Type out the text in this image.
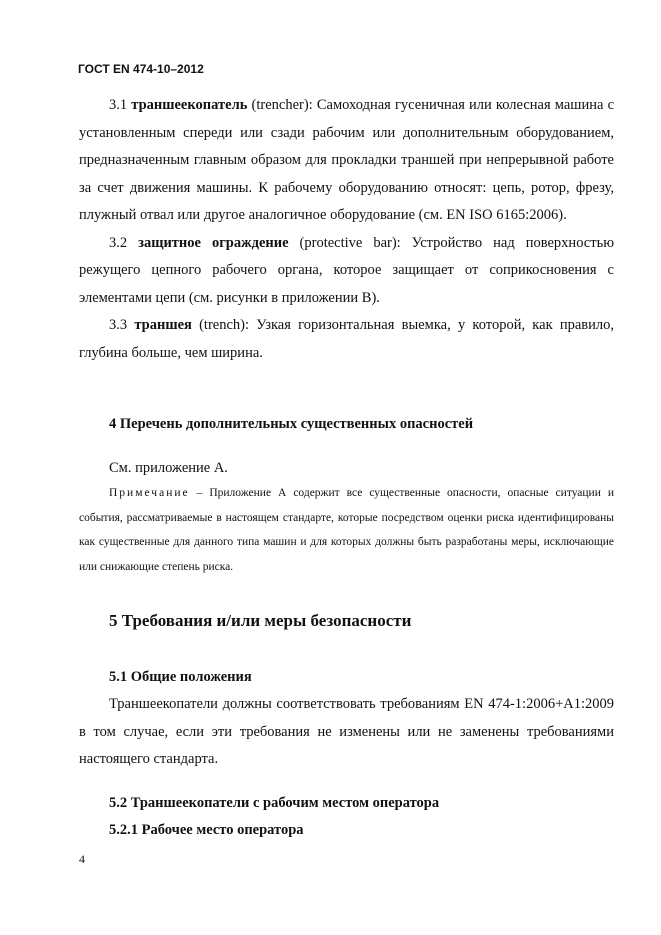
ГОСТ EN 474-10–2012

3.1 траншеекопатель (trencher): Самоходная гусеничная или колесная машина с установленным спереди или сзади рабочим или дополнительным оборудованием, предназначенным главным образом для прокладки траншей при непрерывной работе за счет движения машины. К рабочему оборудованию относят: цепь, ротор, фрезу, плужный отвал или другое аналогичное оборудование (см. EN ISO 6165:2006).

3.2 защитное ограждение (protective bar): Устройство над поверхностью режущего цепного рабочего органа, которое защищает от соприкосновения с элементами цепи (см. рисунки в приложении В).

3.3 траншея (trench): Узкая горизонтальная выемка, у которой, как правило, глубина больше, чем ширина.

4 Перечень дополнительных существенных опасностей
См. приложение А.

Примечание – Приложение А содержит все существенные опасности, опасные ситуации и события, рассматриваемые в настоящем стандарте, которые посредством оценки риска идентифицированы как существенные для данного типа машин и для которых должны быть разработаны меры, исключающие или снижающие степень риска.

5 Требования и/или меры безопасности
5.1 Общие положения

Траншеекопатели должны соответствовать требованиям EN 474-1:2006+A1:2009 в том случае, если эти требования не изменены или не заменены требованиями настоящего стандарта.

5.2 Траншеекопатели с рабочим местом оператора
5.2.1 Рабочее место оператора
4
